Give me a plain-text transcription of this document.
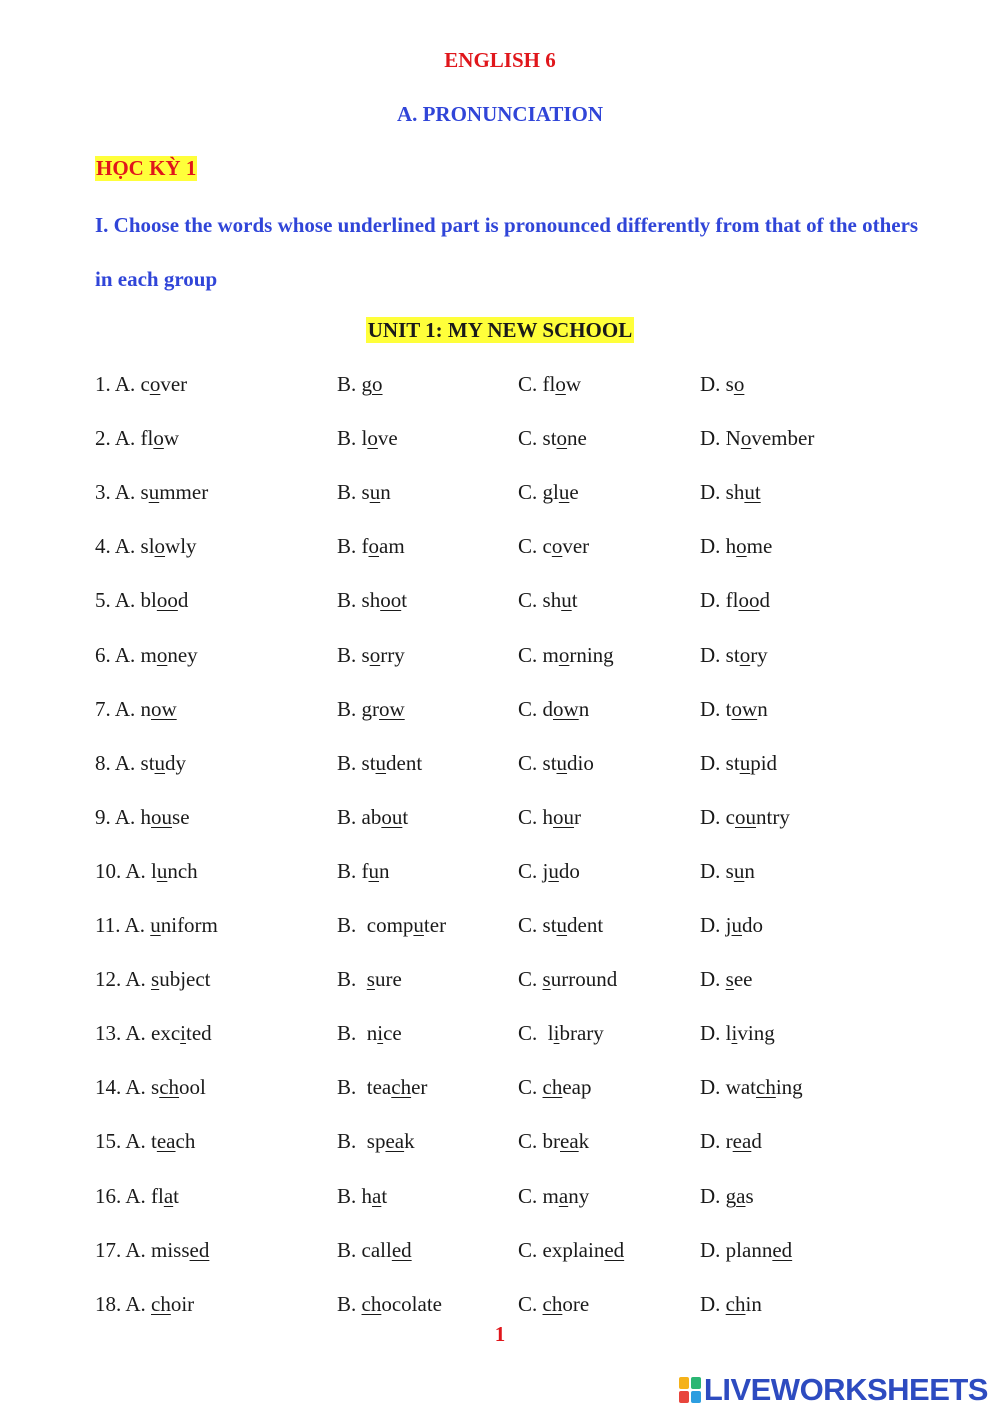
ENGLISH 6
A. PRONUNCIATION
HỌC KỲ 1
I. Choose the words whose underlined part is pronounced differently from that of the others in each group
UNIT 1: MY NEW SCHOOL
1. A. cover	B. go	C. flow	D. so
2. A. flow	B. love	C. stone	D. November
3. A. summer	B. sun	C. glue	D. shut
4. A. slowly	B. foam	C. cover	D. home
5. A. blood	B. shoot	C. shut	D. flood
6. A. money	B. sorry	C. morning	D. story
7. A. now	B. grow	C. down	D. town
8. A. study	B. student	C. studio	D. stupid
9. A. house	B. about	C. hour	D. country
10. A. lunch	B. fun	C. judo	D. sun
11. A. uniform	B.  computer	C. student	D. judo
12. A. subject	B.  sure	C. surround	D. see
13. A. excited	B.  nice	C.  library	D. living
14. A. school	B.  teacher	C. cheap	D. watching
15. A. teach	B.  speak	C. break	D. read
16. A. flat	B. hat	C. many	D. gas
17. A. missed	B. called	C. explained	D. planned
18. A. choir	B. chocolate	C. chore	D. chin
1
LIVEWORKSHEETS
